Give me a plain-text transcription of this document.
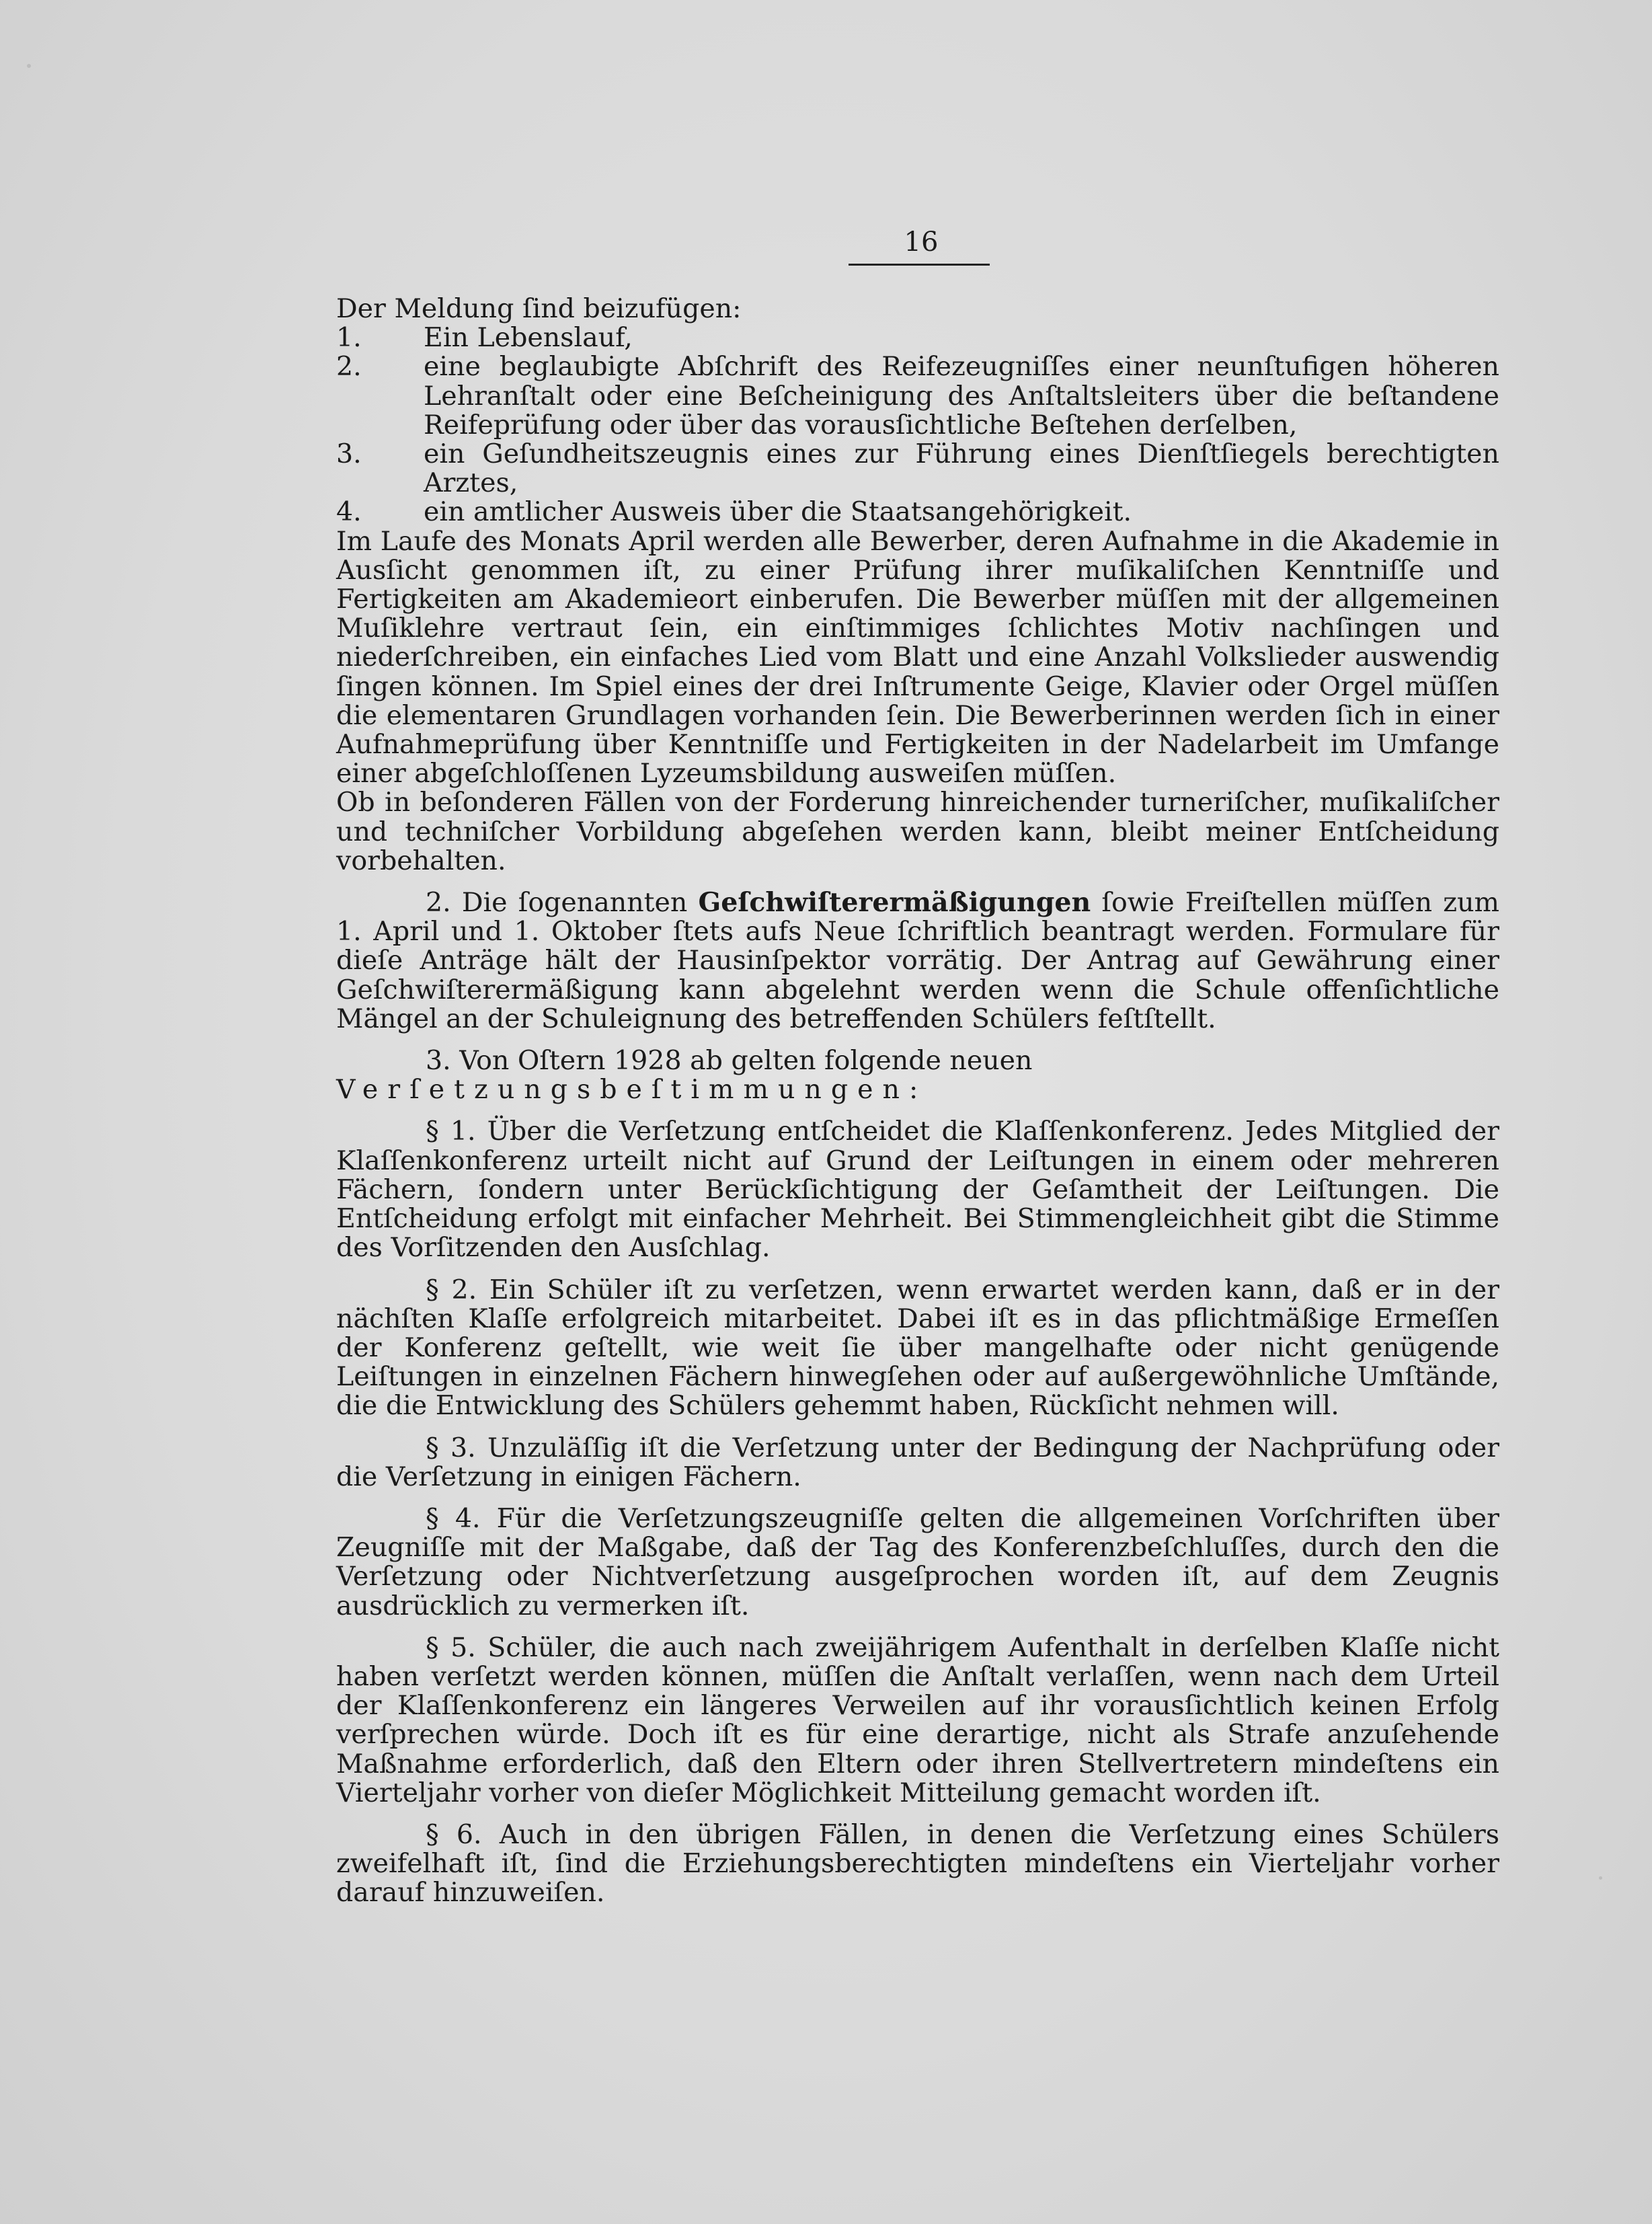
16

Der Meldung ſind beizufügen:

1. Ein Lebenslauf,

2. eine beglaubigte Abſchrift des Reifezeugniſſes einer neunſtufigen höheren Lehranſtalt oder eine Beſcheinigung des Anſtaltsleiters über die beſtandene Reifeprüfung oder über das vorausſichtliche Beſtehen derſelben,

3. ein Geſundheitszeugnis eines zur Führung eines Dienſtſiegels berechtigten Arztes,

4. ein amtlicher Ausweis über die Staatsangehörigkeit.

Im Laufe des Monats April werden alle Bewerber, deren Aufnahme in die Akademie in Ausſicht genommen iſt, zu einer Prüfung ihrer muſikaliſchen Kenntniſſe und Fertigkeiten am Akademieort einberufen. Die Bewerber müſſen mit der allgemeinen Muſiklehre vertraut ſein, ein einſtimmiges ſchlichtes Motiv nachſingen und niederſchreiben, ein einfaches Lied vom Blatt und eine Anzahl Volkslieder auswendig ſingen können. Im Spiel eines der drei Inſtrumente Geige, Klavier oder Orgel müſſen die elementaren Grundlagen vorhanden ſein. Die Bewerberinnen werden ſich in einer Aufnahmeprüfung über Kenntniſſe und Fertigkeiten in der Nadelarbeit im Umfange einer abgeſchloſſenen Lyzeumsbildung ausweiſen müſſen.

Ob in beſonderen Fällen von der Forderung hinreichender turneriſcher, muſikaliſcher und techniſcher Vorbildung abgeſehen werden kann, bleibt meiner Entſcheidung vorbehalten.

2. Die ſogenannten Geſchwiſterermäßigungen ſowie Freiſtellen müſſen zum 1. April und 1. Oktober ſtets aufs Neue ſchriftlich beantragt werden. Formulare für dieſe Anträge hält der Hausinſpektor vorrätig. Der Antrag auf Gewährung einer Geſchwiſterermäßigung kann abgelehnt werden wenn die Schule offenſichtliche Mängel an der Schuleignung des betreffenden Schülers feſtſtellt.

3. Von Oſtern 1928 ab gelten folgende neuen Verſetzungsbeſtimmungen:

§ 1. Über die Verſetzung entſcheidet die Klaſſenkonferenz. Jedes Mitglied der Klaſſenkonferenz urteilt nicht auf Grund der Leiſtungen in einem oder mehreren Fächern, ſondern unter Berückſichtigung der Geſamtheit der Leiſtungen. Die Entſcheidung erfolgt mit einfacher Mehrheit. Bei Stimmengleichheit gibt die Stimme des Vorſitzenden den Ausſchlag.

§ 2. Ein Schüler iſt zu verſetzen, wenn erwartet werden kann, daß er in der nächſten Klaſſe erfolgreich mitarbeitet. Dabei iſt es in das pflichtmäßige Ermeſſen der Konferenz geſtellt, wie weit ſie über mangelhafte oder nicht genügende Leiſtungen in einzelnen Fächern hinwegſehen oder auf außergewöhnliche Umſtände, die die Entwicklung des Schülers gehemmt haben, Rückſicht nehmen will.

§ 3. Unzuläſſig iſt die Verſetzung unter der Bedingung der Nachprüfung oder die Verſetzung in einigen Fächern.

§ 4. Für die Verſetzungszeugniſſe gelten die allgemeinen Vorſchriften über Zeugniſſe mit der Maßgabe, daß der Tag des Konferenzbeſchluſſes, durch den die Verſetzung oder Nichtverſetzung ausgeſprochen worden iſt, auf dem Zeugnis ausdrücklich zu vermerken iſt.

§ 5. Schüler, die auch nach zweijährigem Aufenthalt in derſelben Klaſſe nicht haben verſetzt werden können, müſſen die Anſtalt verlaſſen, wenn nach dem Urteil der Klaſſenkonferenz ein längeres Verweilen auf ihr vorausſichtlich keinen Erfolg verſprechen würde. Doch iſt es für eine derartige, nicht als Strafe anzuſehende Maßnahme erforderlich, daß den Eltern oder ihren Stellvertretern mindeſtens ein Vierteljahr vorher von dieſer Möglichkeit Mitteilung gemacht worden iſt.

§ 6. Auch in den übrigen Fällen, in denen die Verſetzung eines Schülers zweifelhaft iſt, ſind die Erziehungsberechtigten mindeſtens ein Vierteljahr vorher darauf hinzuweiſen.
